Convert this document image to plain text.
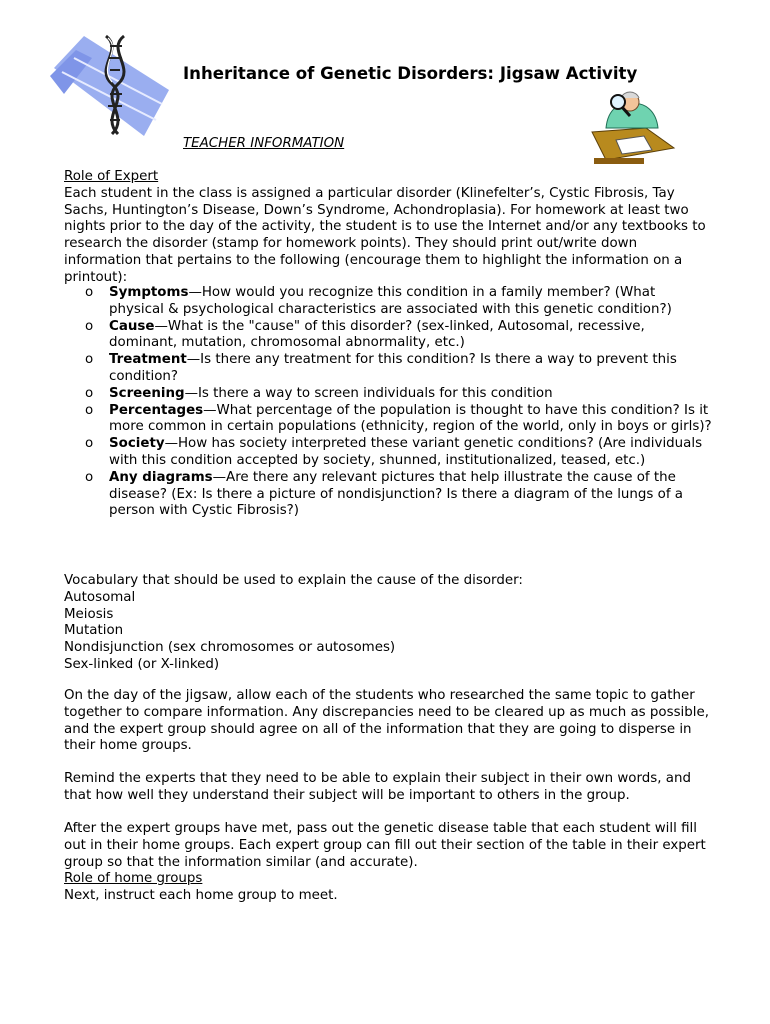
Inheritance of Genetic Disorders: Jigsaw Activity

TEACHER INFORMATION

Role of Expert
Each student in the class is assigned a particular disorder (Klinefelter’s, Cystic Fibrosis, Tay Sachs, Huntington’s Disease, Down’s Syndrome, Achondroplasia). For homework at least two nights prior to the day of the activity, the student is to use the Internet and/or any textbooks to research the disorder (stamp for homework points). They should print out/write down information that pertains to the following (encourage them to highlight the information on a printout):
o Symptoms—How would you recognize this condition in a family member? (What physical & psychological characteristics are associated with this genetic condition?)
o Cause—What is the "cause" of this disorder? (sex-linked, Autosomal, recessive, dominant, mutation, chromosomal abnormality, etc.)
o Treatment—Is there any treatment for this condition? Is there a way to prevent this condition?
o Screening—Is there a way to screen individuals for this condition
o Percentages—What percentage of the population is thought to have this condition? Is it more common in certain populations (ethnicity, region of the world, only in boys or girls)?
o Society—How has society interpreted these variant genetic conditions? (Are individuals with this condition accepted by society, shunned, institutionalized, teased, etc.)
o Any diagrams—Are there any relevant pictures that help illustrate the cause of the disease? (Ex: Is there a picture of nondisjunction? Is there a diagram of the lungs of a person with Cystic Fibrosis?)
Vocabulary that should be used to explain the cause of the disorder:
Autosomal
Meiosis
Mutation
Nondisjunction (sex chromosomes or autosomes)
Sex-linked (or X-linked)

On the day of the jigsaw, allow each of the students who researched the same topic to gather together to compare information. Any discrepancies need to be cleared up as much as possible, and the expert group should agree on all of the information that they are going to disperse in their home groups.

Remind the experts that they need to be able to explain their subject in their own words, and that how well they understand their subject will be important to others in the group.

After the expert groups have met, pass out the genetic disease table that each student will fill out in their home groups. Each expert group can fill out their section of the table in their expert group so that the information similar (and accurate).
Role of home groups
Next, instruct each home group to meet.
